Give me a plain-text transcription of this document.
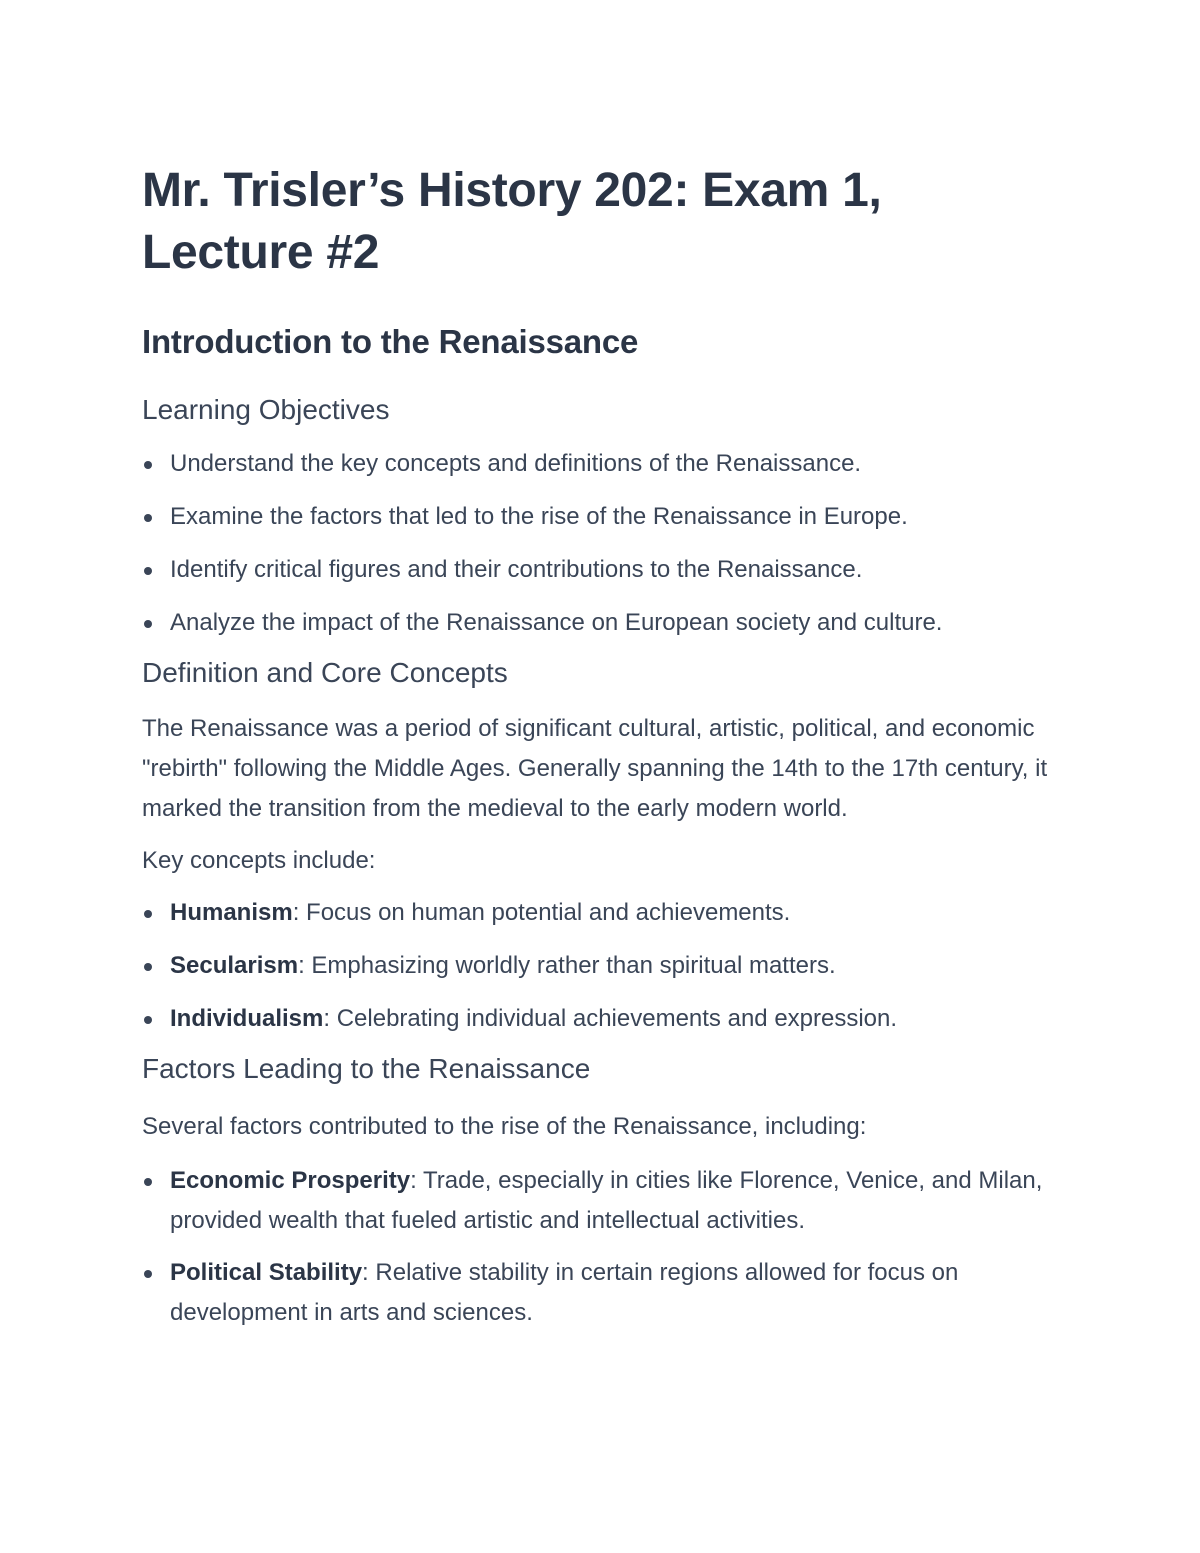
Mr. Trisler’s History 202: Exam 1, Lecture #2
Introduction to the Renaissance
Learning Objectives
Understand the key concepts and definitions of the Renaissance.
Examine the factors that led to the rise of the Renaissance in Europe.
Identify critical figures and their contributions to the Renaissance.
Analyze the impact of the Renaissance on European society and culture.
Definition and Core Concepts

The Renaissance was a period of significant cultural, artistic, political, and economic "rebirth" following the Middle Ages. Generally spanning the 14th to the 17th century, it marked the transition from the medieval to the early modern world.

Key concepts include:

Humanism: Focus on human potential and achievements.
Secularism: Emphasizing worldly rather than spiritual matters.
Individualism: Celebrating individual achievements and expression.
Factors Leading to the Renaissance

Several factors contributed to the rise of the Renaissance, including:

Economic Prosperity: Trade, especially in cities like Florence, Venice, and Milan, provided wealth that fueled artistic and intellectual activities.
Political Stability: Relative stability in certain regions allowed for focus on development in arts and sciences.
